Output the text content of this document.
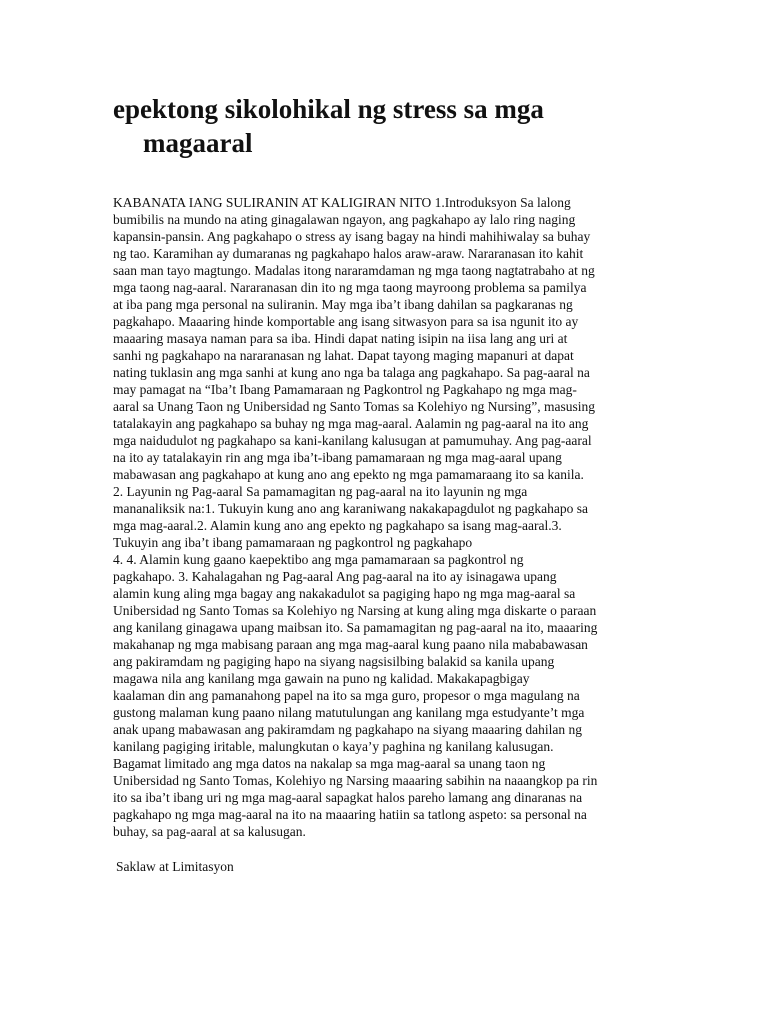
epektong sikolohikal ng stress sa mga
magaaral
KABANATA IANG SULIRANIN AT KALIGIRAN NITO 1.Introduksyon Sa lalong
bumibilis na mundo na ating ginagalawan ngayon, ang pagkahapo ay lalo ring naging
kapansin-pansin. Ang pagkahapo o stress ay isang bagay na hindi mahihiwalay sa buhay
ng tao. Karamihan ay dumaranas ng pagkahapo halos araw-araw. Nararanasan ito kahit
saan man tayo magtungo. Madalas itong nararamdaman ng mga taong nagtatrabaho at ng
mga taong nag-aaral. Nararanasan din ito ng mga taong mayroong problema sa pamilya
at iba pang mga personal na suliranin. May mga iba’t ibang dahilan sa pagkaranas ng
pagkahapo. Maaaring hinde komportable ang isang sitwasyon para sa isa ngunit ito ay
maaaring masaya naman para sa iba. Hindi dapat nating isipin na iisa lang ang uri at
sanhi ng pagkahapo na nararanasan ng lahat. Dapat tayong maging mapanuri at dapat
nating tuklasin ang mga sanhi at kung ano nga ba talaga ang pagkahapo. Sa pag-aaral na
may pamagat na “Iba’t Ibang Pamamaraan ng Pagkontrol ng Pagkahapo ng mga mag-
aaral sa Unang Taon ng Unibersidad ng Santo Tomas sa Kolehiyo ng Nursing”, masusing
tatalakayin ang pagkahapo sa buhay ng mga mag-aaral. Aalamin ng pag-aaral na ito ang
mga naidudulot ng pagkahapo sa kani-kanilang kalusugan at pamumuhay. Ang pag-aaral
na ito ay tatalakayin rin ang mga iba’t-ibang pamamaraan ng mga mag-aaral upang
mabawasan ang pagkahapo at kung ano ang epekto ng mga pamamaraang ito sa kanila.
2. Layunin ng Pag-aaral Sa pamamagitan ng pag-aaral na ito layunin ng mga
mananaliksik na:1. Tukuyin kung ano ang karaniwang nakakapagdulot ng pagkahapo sa
mga mag-aaral.2. Alamin kung ano ang epekto ng pagkahapo sa isang mag-aaral.3.
Tukuyin ang iba’t ibang pamamaraan ng pagkontrol ng pagkahapo
4. 4. Alamin kung gaano kaepektibo ang mga pamamaraan sa pagkontrol ng
pagkahapo. 3. Kahalagahan ng Pag-aaral Ang pag-aaral na ito ay isinagawa upang
alamin kung aling mga bagay ang nakakadulot sa pagiging hapo ng mga mag-aaral sa
Unibersidad ng Santo Tomas sa Kolehiyo ng Narsing at kung aling mga diskarte o paraan
ang kanilang ginagawa upang maibsan ito. Sa pamamagitan ng pag-aaral na ito, maaaring
makahanap ng mga mabisang paraan ang mga mag-aaral kung paano nila mababawasan
ang pakiramdam ng pagiging hapo na siyang nagsisilbing balakid sa kanila upang
magawa nila ang kanilang mga gawain na puno ng kalidad. Makakapagbigay
kaalaman din ang pamanahong papel na ito sa mga guro, propesor o mga magulang na
gustong malaman kung paano nilang matutulungan ang kanilang mga estudyante’t mga
anak upang mabawasan ang pakiramdam ng pagkahapo na siyang maaaring dahilan ng
kanilang pagiging iritable, malungkutan o kaya’y paghina ng kanilang kalusugan.
Bagamat limitado ang mga datos na nakalap sa mga mag-aaral sa unang taon ng
Unibersidad ng Santo Tomas, Kolehiyo ng Narsing maaaring sabihin na naaangkop pa rin
ito sa iba’t ibang uri ng mga mag-aaral sapagkat halos pareho lamang ang dinaranas na
pagkahapo ng mga mag-aaral na ito na maaaring hatiin sa tatlong aspeto: sa personal na
buhay, sa pag-aaral at sa kalusugan.
Saklaw at Limitasyon
